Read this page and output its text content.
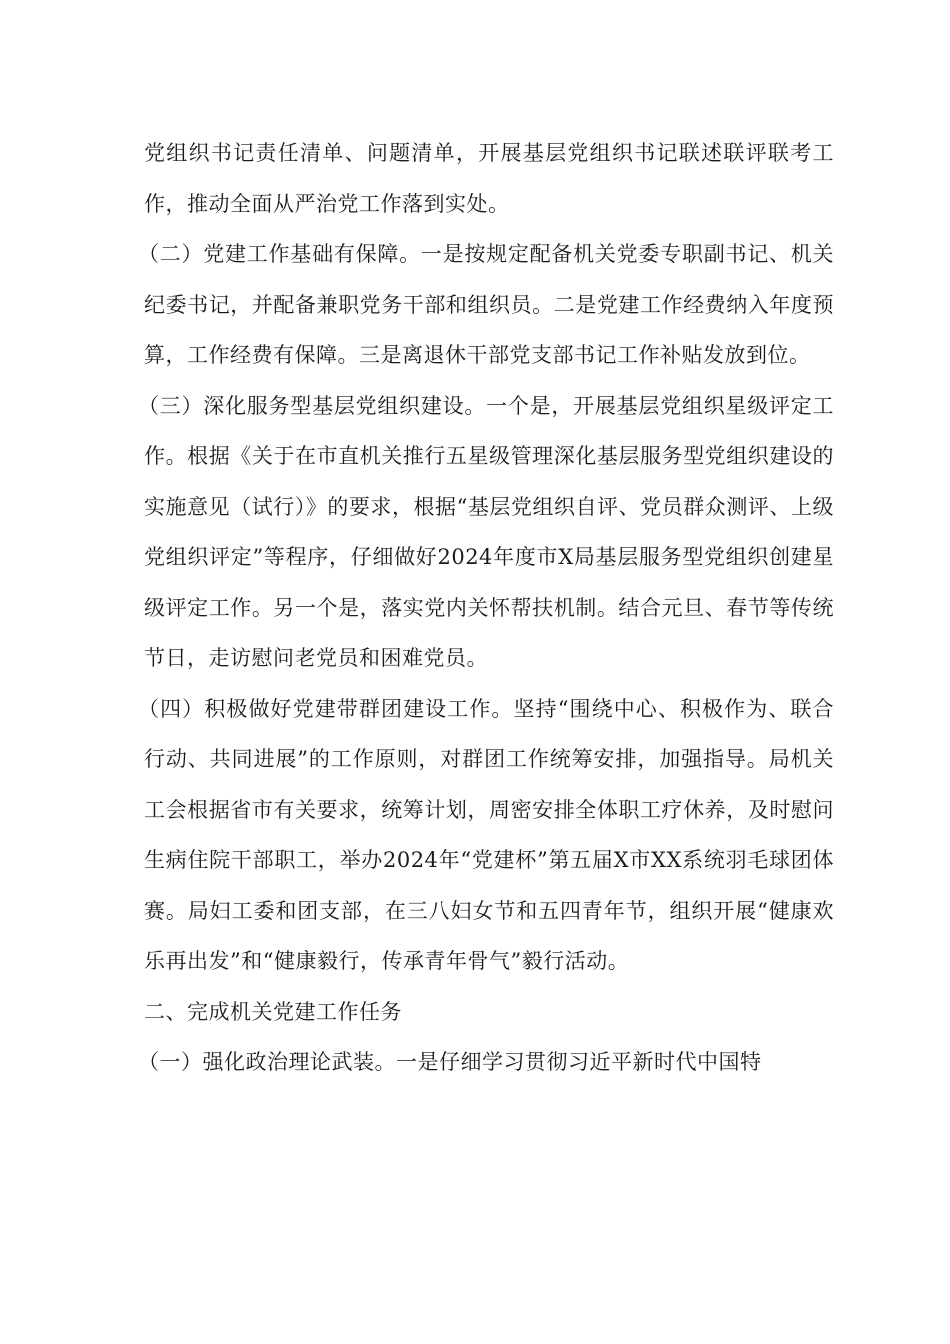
党组织书记责任清单、问题清单，开展基层党组织书记联述联评联考工作，推动全面从严治党工作落到实处。

（二）党建工作基础有保障。一是按规定配备机关党委专职副书记、机关纪委书记，并配备兼职党务干部和组织员。二是党建工作经费纳入年度预算，工作经费有保障。三是离退休干部党支部书记工作补贴发放到位。

（三）深化服务型基层党组织建设。一个是，开展基层党组织星级评定工作。根据《关于在市直机关推行五星级管理深化基层服务型党组织建设的实施意见（试行）》的要求，根据“基层党组织自评、党员群众测评、上级党组织评定”等程序，仔细做好2024年度市X局基层服务型党组织创建星级评定工作。另一个是，落实党内关怀帮扶机制。结合元旦、春节等传统节日，走访慰问老党员和困难党员。

（四）积极做好党建带群团建设工作。坚持“围绕中心、积极作为、联合行动、共同进展”的工作原则，对群团工作统筹安排，加强指导。局机关工会根据省市有关要求，统筹计划，周密安排全体职工疗休养，及时慰问生病住院干部职工，举办2024年“党建杯”第五届X市XX系统羽毛球团体赛。局妇工委和团支部，在三八妇女节和五四青年节，组织开展“健康欢乐再出发”和“健康毅行，传承青年骨气”毅行活动。

二、完成机关党建工作任务

（一）强化政治理论武装。一是仔细学习贯彻习近平新时代中国特
